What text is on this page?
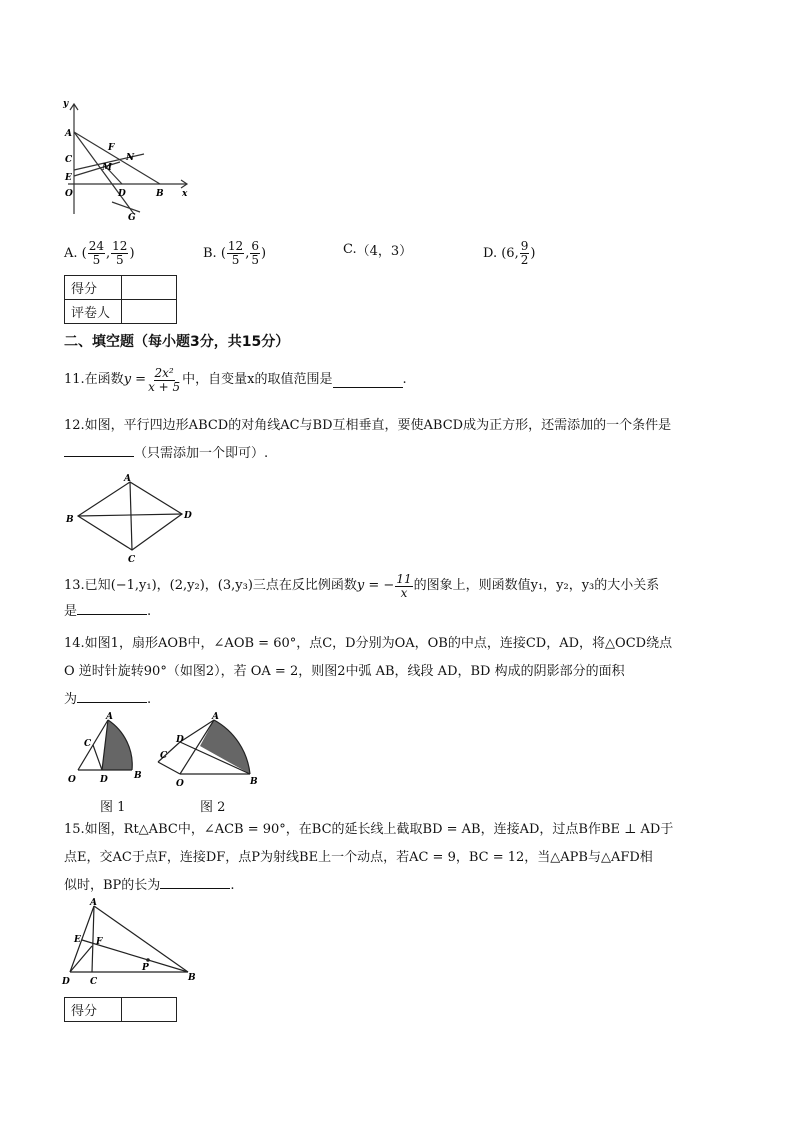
y
x
A
C
E
O
F
N
M
D	B
G
A.
( $\frac{24}{5}$ , $\frac{12}{5}$ )	B.
( $\frac{12}{5}$ , $\frac{6}{5}$ )	C. （4，3）	D.
(6, $\frac{9}{2}$ )
得分	
评卷人	
二、填空题（每小题3分，共15分）
11.在函数 $y = \frac{\text{2x²}}{x + 5}$ 中，自变量x的取值范围是	.
12.如图，平行四边形ABCD的对角线AC与BD互相垂直，要使ABCD成为正方形，还需添加的一个条件是
（只需添加一个即可）.
A
B
C
D
13.已知 (−1,y₁)，(2,y₂)，(3,y₃) 三点在反比例函数 y = − $\frac{11}{x}$ 的图象上，则函数值y₁，y₂，y₃的大小关系
是	.
14.如图1，扇形AOB中，∠AOB = 60°，点C，D分别为OA，OB的中点，连接CD，AD，将△OCD绕点
O 逆时针旋转90°（如图2），若 OA = 2，则图2中弧 AB，线段 AD，BD 构成的阴影部分的面积
为	.
A
C
O	D	B
图 1
A
D
C
O	B
图 2
15.如图，Rt△ABC中，∠ACB = 90°，在BC的延长线上截取BD = AB，连接AD，过点B作BE ⊥ AD于
点E，交AC于点F，连接DF，点P为射线BE上一个动点，若AC = 9，BC = 12，当△APB与△AFD相
似时，BP的长为	.
A
E F
P
D C	B
得分	
